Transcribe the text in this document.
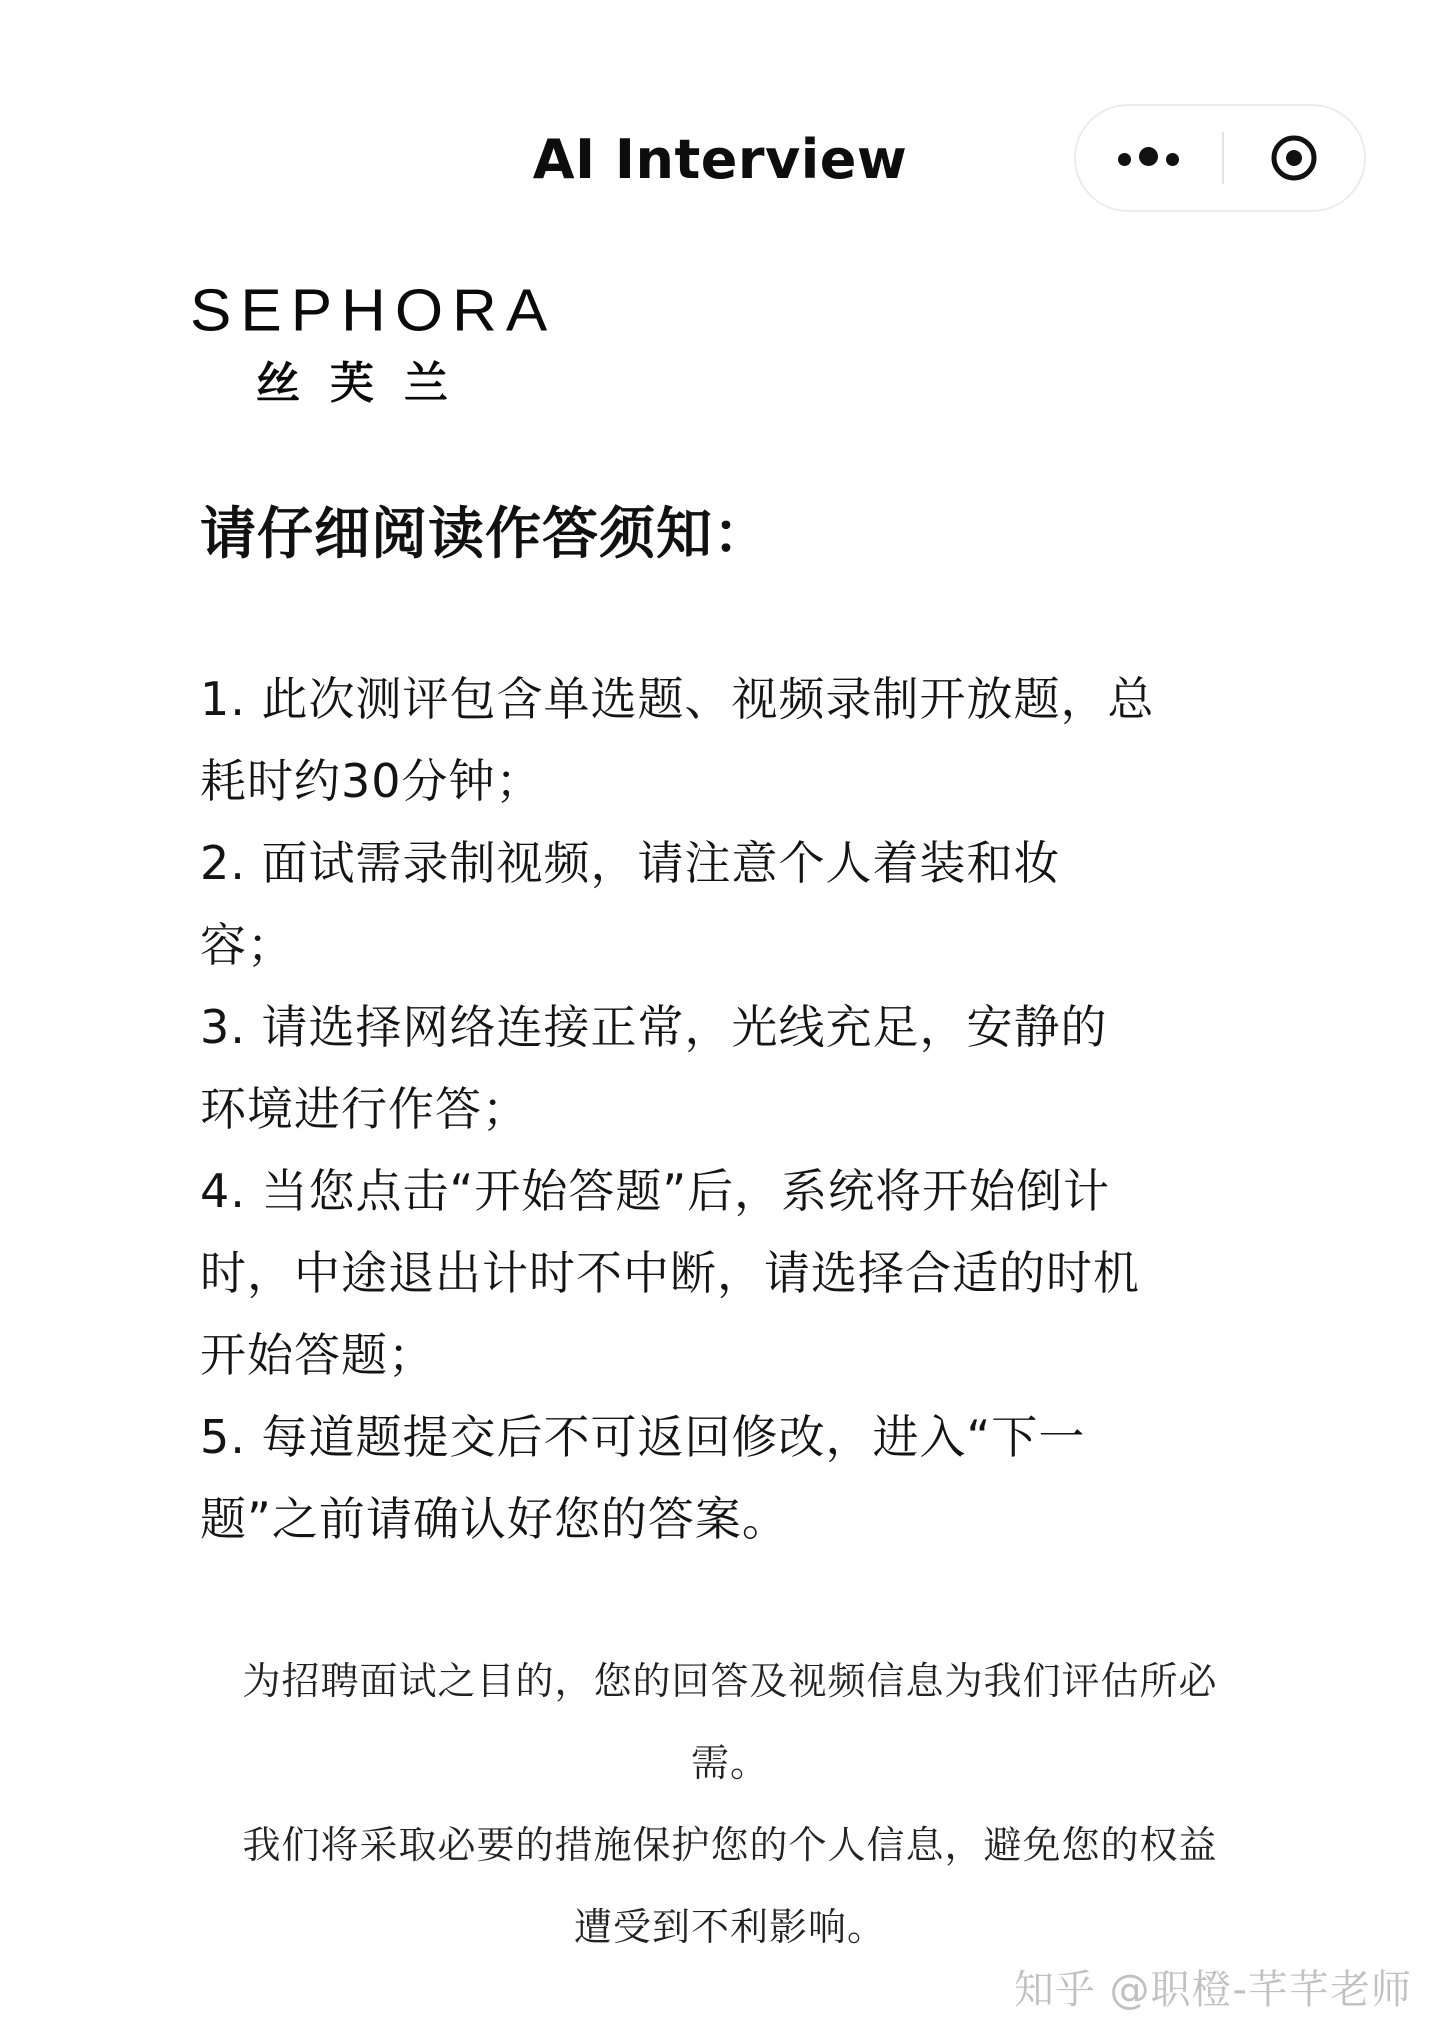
AI Interview
SEPHORA
丝芙兰
请仔细阅读作答须知：

1. 此次测评包含单选题、视频录制开放题，总
耗时约30分钟；

2. 面试需录制视频，请注意个人着装和妆
容；

3. 请选择网络连接正常，光线充足，安静的
环境进行作答；

4. 当您点击“开始答题”后，系统将开始倒计
时，中途退出计时不中断，请选择合适的时机
开始答题；

5. 每道题提交后不可返回修改，进入“下一
题”之前请确认好您的答案。

为招聘面试之目的，您的回答及视频信息为我们评估所必
需。

我们将采取必要的措施保护您的个人信息，避免您的权益
遭受到不利影响。

知乎 @职橙-芊芊老师
